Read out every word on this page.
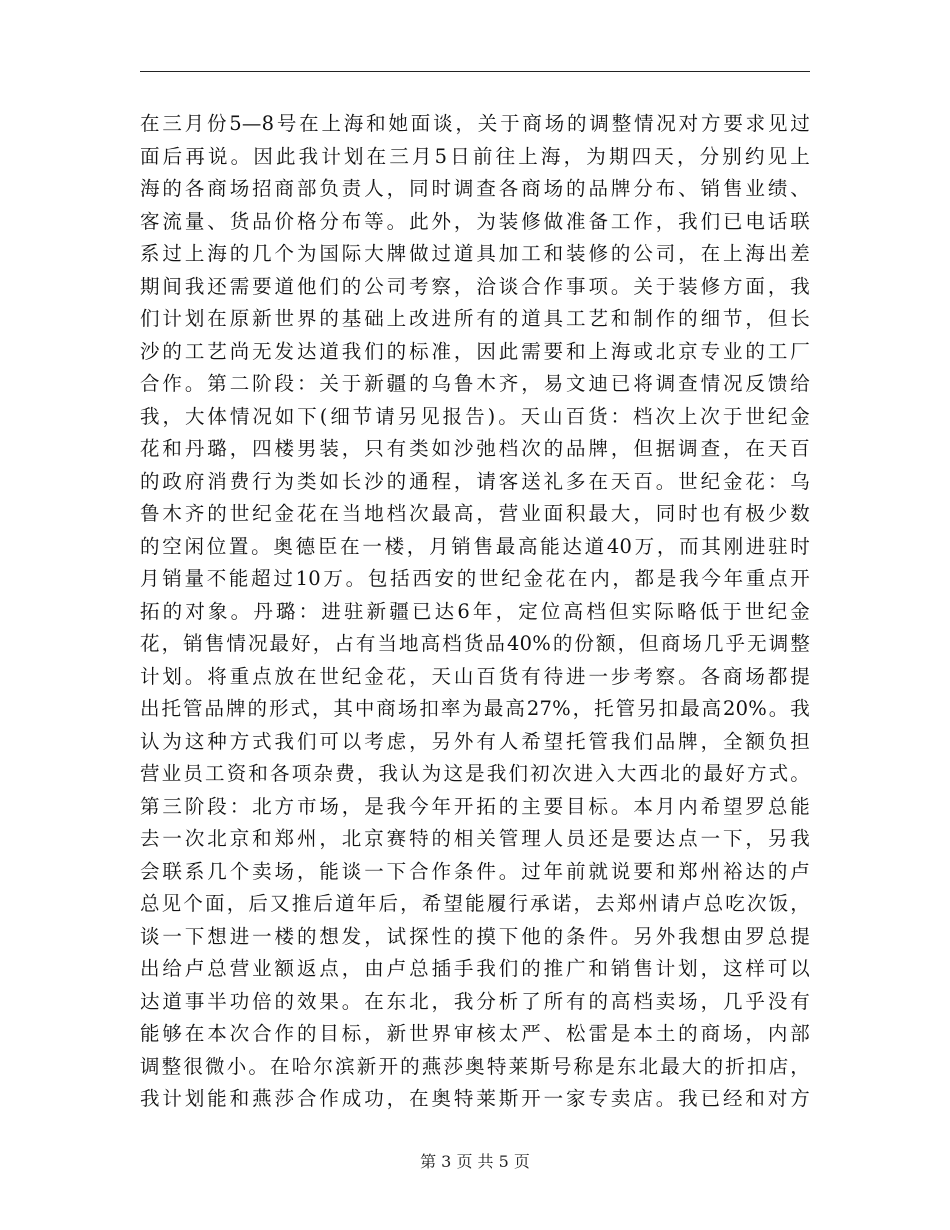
在三月份5—8号在上海和她面谈，关于商场的调整情况对方要求见过
面后再说。因此我计划在三月5日前往上海，为期四天，分别约见上
海的各商场招商部负责人，同时调查各商场的品牌分布、销售业绩、
客流量、货品价格分布等。此外，为装修做准备工作，我们已电话联
系过上海的几个为国际大牌做过道具加工和装修的公司，在上海出差
期间我还需要道他们的公司考察，洽谈合作事项。关于装修方面，我
们计划在原新世界的基础上改进所有的道具工艺和制作的细节，但长
沙的工艺尚无发达道我们的标准，因此需要和上海或北京专业的工厂
合作。第二阶段：关于新疆的乌鲁木齐，易文迪已将调查情况反馈给
我，大体情况如下(细节请另见报告)。天山百货：档次上次于世纪金
花和丹璐，四楼男装，只有类如沙弛档次的品牌，但据调查，在天百
的政府消费行为类如长沙的通程，请客送礼多在天百。世纪金花：乌
鲁木齐的世纪金花在当地档次最高，营业面积最大，同时也有极少数
的空闲位置。奥德臣在一楼，月销售最高能达道40万，而其刚进驻时
月销量不能超过10万。包括西安的世纪金花在内，都是我今年重点开
拓的对象。丹璐：进驻新疆已达6年，定位高档但实际略低于世纪金
花，销售情况最好，占有当地高档货品40%的份额，但商场几乎无调整
计划。将重点放在世纪金花，天山百货有待进一步考察。各商场都提
出托管品牌的形式，其中商场扣率为最高27%，托管另扣最高20%。我
认为这种方式我们可以考虑，另外有人希望托管我们品牌，全额负担
营业员工资和各项杂费，我认为这是我们初次进入大西北的最好方式。
第三阶段：北方市场，是我今年开拓的主要目标。本月内希望罗总能
去一次北京和郑州，北京赛特的相关管理人员还是要达点一下，另我
会联系几个卖场，能谈一下合作条件。过年前就说要和郑州裕达的卢
总见个面，后又推后道年后，希望能履行承诺，去郑州请卢总吃次饭，
谈一下想进一楼的想发，试探性的摸下他的条件。另外我想由罗总提
出给卢总营业额返点，由卢总插手我们的推广和销售计划，这样可以
达道事半功倍的效果。在东北，我分析了所有的高档卖场，几乎没有
能够在本次合作的目标，新世界审核太严、松雷是本土的商场，内部
调整很微小。在哈尔滨新开的燕莎奥特莱斯号称是东北最大的折扣店，
我计划能和燕莎合作成功，在奥特莱斯开一家专卖店。我已经和对方
第 3 页 共 5 页
